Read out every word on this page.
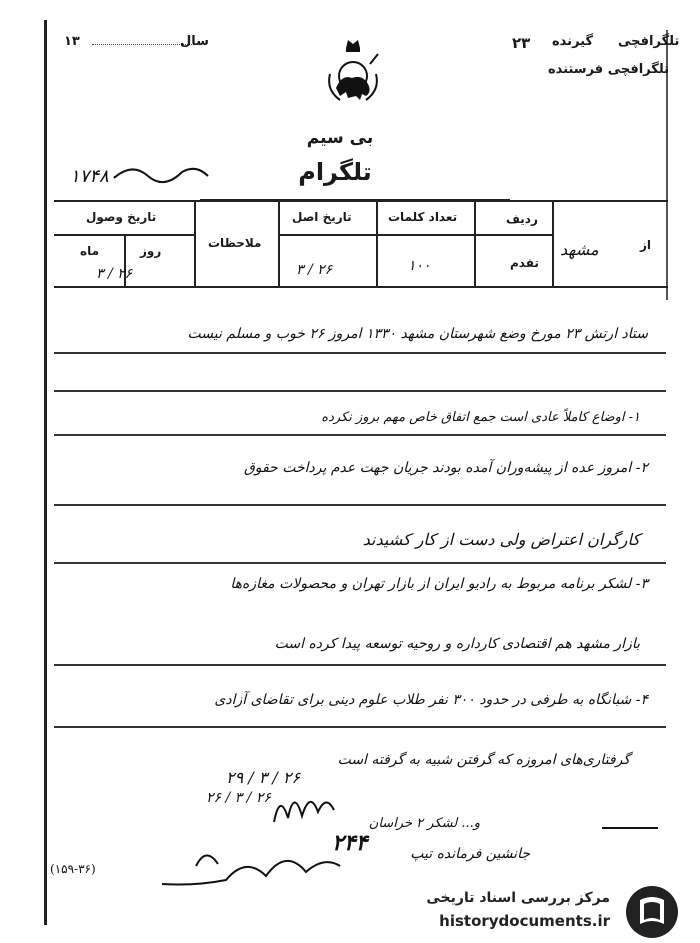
۱۳	سال	۲۳ گیرنده تلگرافچی
تلگرافچی فرستنده
بی سیم
تلگرام
۱۷۴۸۰
از
مشهد
ردیف
تقدم
تعداد کلمات
۱۰۰
تاریخ اصل
۲۶ / ۳
ملاحظات
تاریخ وصول
روز
ماه
۲۶ / ۳
ستاد ارتش ۲۳ مورخ وضع شهرستان مشهد ۱۳۳۰ امروز ۲۶ خوب و مسلم نیست
۱- اوضاع کاملاً عادی است جمع اتفاق خاص مهم بروز نکرده
۲- امروز عده از پیشه‌وران آمده بودند جریان جهت عدم پرداخت حقوق
کارگران اعتراض ولی دست از کار کشیدند
۳- لشکر برنامه مربوط به رادیو ایران از بازار تهران و محصولات مغازه‌ها
بازار مشهد هم اقتصادی کارداره و روحیه توسعه پیدا کرده است
۴- شبانگاه به طرفی در حدود ۳۰۰ نفر طلاب علوم دینی برای تقاضای آزادی
گرفتاری‌های امروزه که گرفتن شبیه به گرفته است
۲۶ / ۳ / ۲۹
۲۶ / ۳ / ۲۶
و... لشکر ۲ خراسان
جانشین فرمانده تیپ
۲۴۴
(۱۵۹-۳۶)
مرکز بررسی اسناد تاریخی
historydocuments.ir
